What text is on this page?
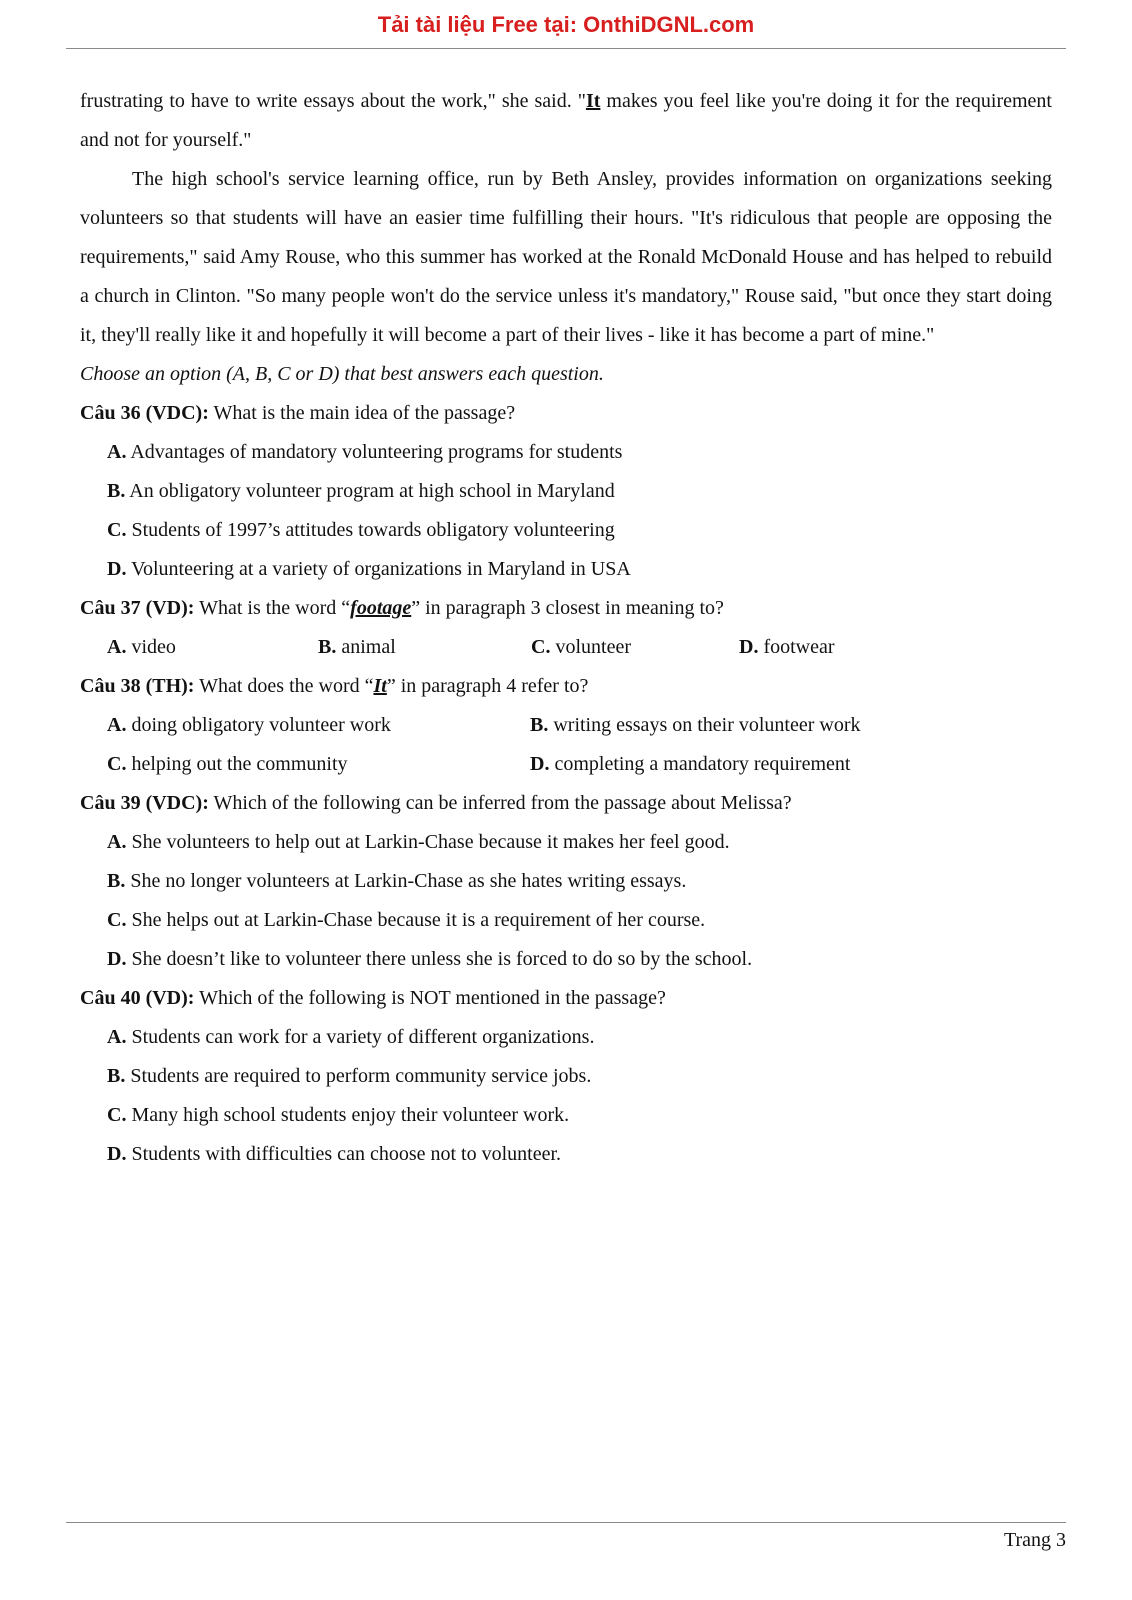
Tải tài liệu Free tại: OnthiDGNL.com

frustrating to have to write essays about the work," she said. "It makes you feel like you're doing it for the requirement and not for yourself."

The high school's service learning office, run by Beth Ansley, provides information on organizations seeking volunteers so that students will have an easier time fulfilling their hours. "It's ridiculous that people are opposing the requirements," said Amy Rouse, who this summer has worked at the Ronald McDonald House and has helped to rebuild a church in Clinton. "So many people won't do the service unless it's mandatory," Rouse said, "but once they start doing it, they'll really like it and hopefully it will become a part of their lives - like it has become a part of mine."

Choose an option (A, B, C or D) that best answers each question.

Câu 36 (VDC): What is the main idea of the passage?

A. Advantages of mandatory volunteering programs for students

B. An obligatory volunteer program at high school in Maryland

C. Students of 1997’s attitudes towards obligatory volunteering

D. Volunteering at a variety of organizations in Maryland in USA

Câu 37 (VD): What is the word “footage” in paragraph 3 closest in meaning to?

A. video	B. animal	C. volunteer	D. footwear

Câu 38 (TH): What does the word “It” in paragraph 4 refer to?

A. doing obligatory volunteer work	B. writing essays on their volunteer work

C. helping out the community	D. completing a mandatory requirement

Câu 39 (VDC): Which of the following can be inferred from the passage about Melissa?

A. She volunteers to help out at Larkin-Chase because it makes her feel good.

B. She no longer volunteers at Larkin-Chase as she hates writing essays.

C. She helps out at Larkin-Chase because it is a requirement of her course.

D. She doesn’t like to volunteer there unless she is forced to do so by the school.

Câu 40 (VD): Which of the following is NOT mentioned in the passage?

A. Students can work for a variety of different organizations.

B. Students are required to perform community service jobs.

C. Many high school students enjoy their volunteer work.

D. Students with difficulties can choose not to volunteer.

Trang 3
